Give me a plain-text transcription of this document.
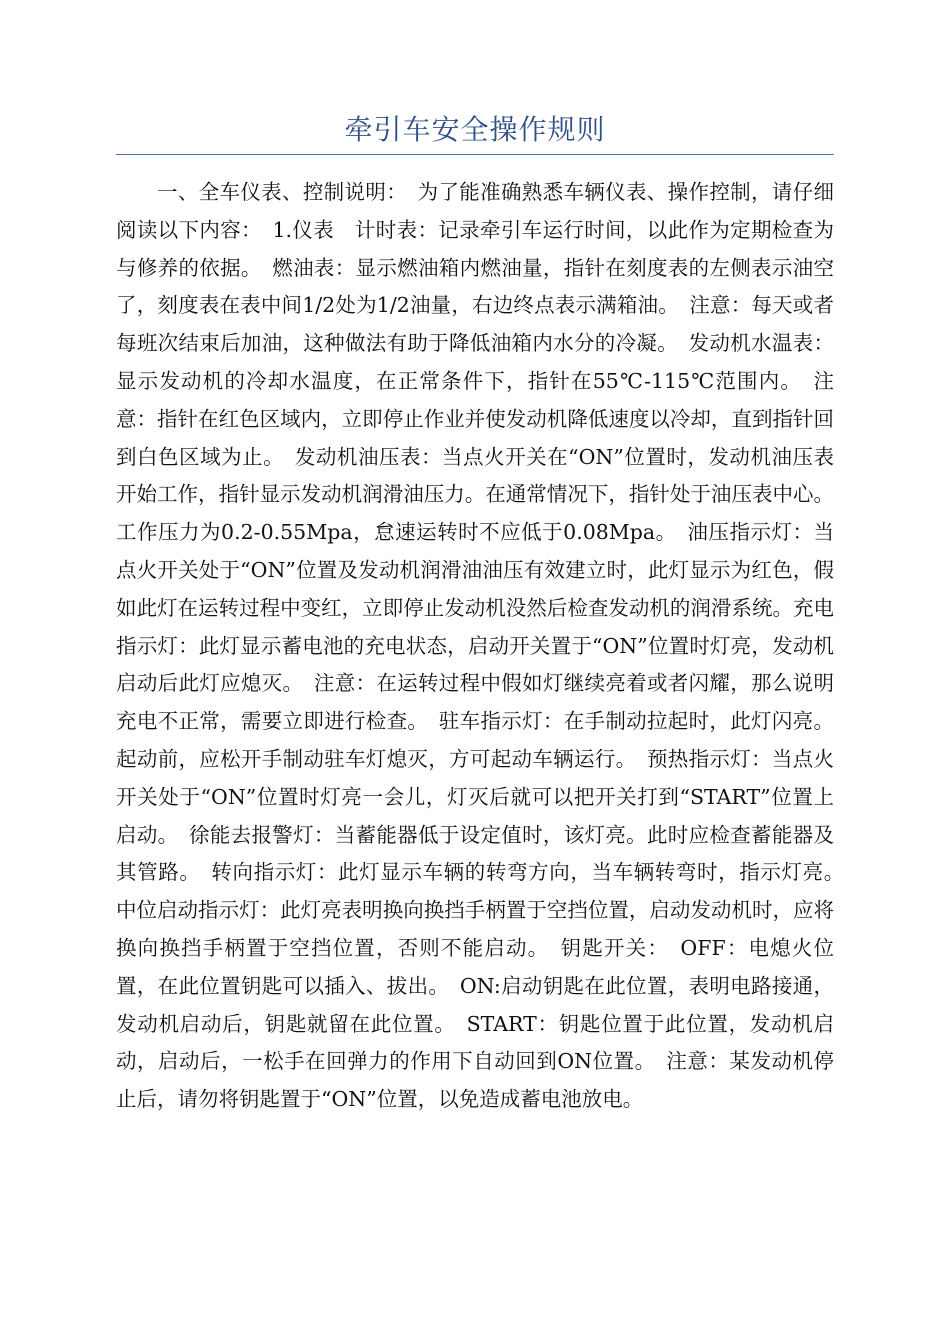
牵引车安全操作规则

一、全车仪表、控制说明：　为了能准确熟悉车辆仪表、操作控制，请仔细阅读以下内容：　1.仪表　计时表：记录牵引车运行时间，以此作为定期检查为与修养的依据。　燃油表：显示燃油箱内燃油量，指针在刻度表的左侧表示油空了，刻度表在表中间1/2处为1/2油量，右边终点表示满箱油。　注意：每天或者每班次结束后加油，这种做法有助于降低油箱内水分的冷凝。　发动机水温表：显示发动机的冷却水温度，在正常条件下，指针在55℃-115℃范围内。　注意：指针在红色区域内，立即停止作业并使发动机降低速度以冷却，直到指针回到白色区域为止。　发动机油压表：当点火开关在“ON”位置时，发动机油压表开始工作，指针显示发动机润滑油压力。在通常情况下，指针处于油压表中心。工作压力为0.2-0.55Mpa，怠速运转时不应低于0.08Mpa。　油压指示灯：当点火开关处于“ON”位置及发动机润滑油油压有效建立时，此灯显示为红色，假如此灯在运转过程中变红，立即停止发动机没然后检查发动机的润滑系统。充电指示灯：此灯显示蓄电池的充电状态，启动开关置于“ON”位置时灯亮，发动机启动后此灯应熄灭。　注意：在运转过程中假如灯继续亮着或者闪耀，那么说明充电不正常，需要立即进行检查。　驻车指示灯：在手制动拉起时，此灯闪亮。起动前，应松开手制动驻车灯熄灭，方可起动车辆运行。　预热指示灯：当点火开关处于“ON”位置时灯亮一会儿，灯灭后就可以把开关打到“START”位置上启动。　徐能去报警灯：当蓄能器低于设定值时，该灯亮。此时应检查蓄能器及其管路。　转向指示灯：此灯显示车辆的转弯方向，当车辆转弯时，指示灯亮。　中位启动指示灯：此灯亮表明换向换挡手柄置于空挡位置，启动发动机时，应将换向换挡手柄置于空挡位置，否则不能启动。　钥匙开关：　OFF：电熄火位置，在此位置钥匙可以插入、拔出。　ON:启动钥匙在此位置，表明电路接通，发动机启动后，钥匙就留在此位置。　START：钥匙位置于此位置，发动机启动，启动后，一松手在回弹力的作用下自动回到ON位置。　注意：某发动机停止后，请勿将钥匙置于“ON”位置，以免造成蓄电池放电。
